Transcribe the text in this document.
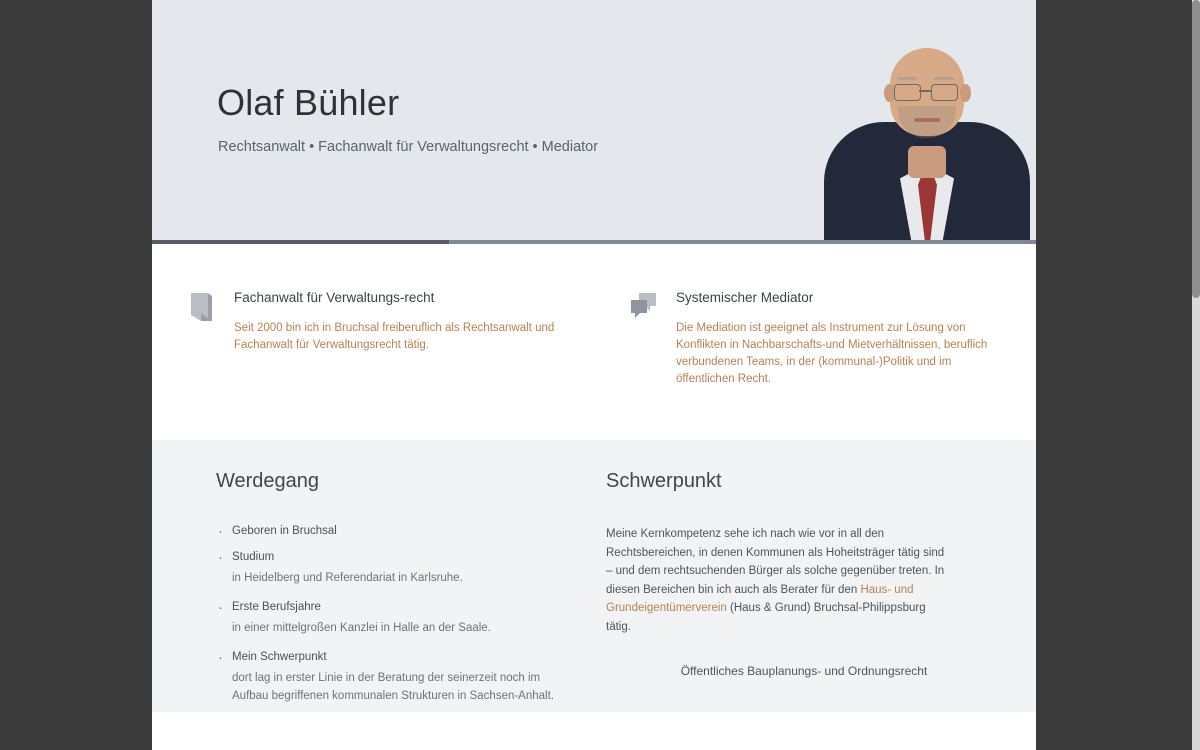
Olaf Bühler
Rechtsanwalt • Fachanwalt für Verwaltungsrecht • Mediator
Fachanwalt für Verwaltungs-recht
Seit 2000 bin ich in Bruchsal freiberuflich als Rechtsanwalt und Fachanwalt für Verwaltungsrecht tätig.
Systemischer Mediator
Die Mediation ist geeignet als Instrument zur Lösung von Konflikten in Nachbarschafts-und Mietverhältnissen, beruflich verbundenen Teams, in der (kommunal-)Politik und im öffentlichen Recht.
Werdegang
· Geboren in Bruchsal
· Studium
in Heidelberg und Referendariat in Karlsruhe.
· Erste Berufsjahre
in einer mittelgroßen Kanzlei in Halle an der Saale.
· Mein Schwerpunkt
dort lag in erster Linie in der Beratung der seinerzeit noch im Aufbau begriffenen kommunalen Strukturen in Sachsen-Anhalt.
Schwerpunkt

Meine Kernkompetenz sehe ich nach wie vor in all den Rechtsbereichen, in denen Kommunen als Hoheitsträger tätig sind – und dem rechtsuchenden Bürger als solche gegenüber treten. In diesen Bereichen bin ich auch als Berater für den Haus- und Grundeigentümerverein (Haus & Grund) Bruchsal-Philippsburg tätig.

Öffentliches Bauplanungs- und Ordnungsrecht
